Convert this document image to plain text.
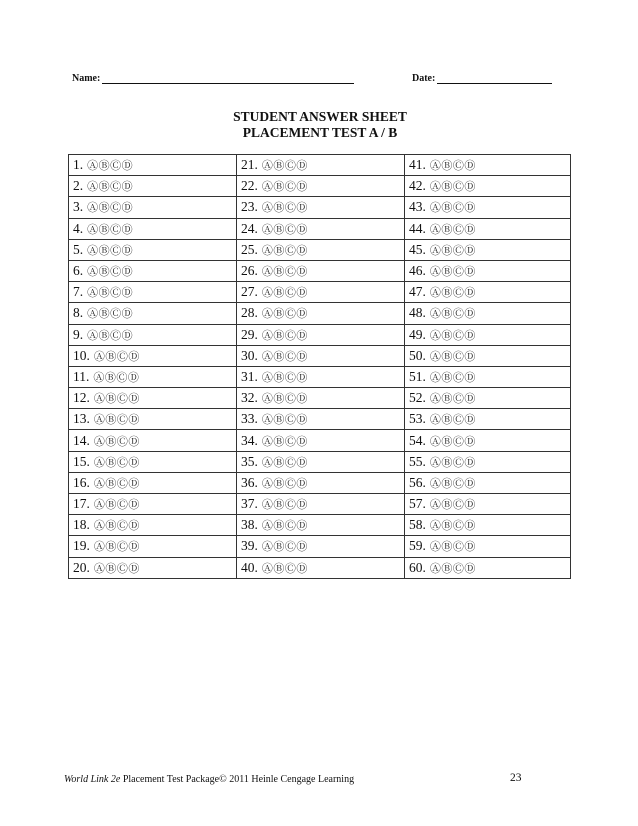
Name:	Date:
STUDENT ANSWER SHEET
PLACEMENT TEST A / B
1. ⒶⒷⒸⒹ	21. ⒶⒷⒸⒹ	41. ⒶⒷⒸⒹ
2. ⒶⒷⒸⒹ	22. ⒶⒷⒸⒹ	42. ⒶⒷⒸⒹ
3. ⒶⒷⒸⒹ	23. ⒶⒷⒸⒹ	43. ⒶⒷⒸⒹ
4. ⒶⒷⒸⒹ	24. ⒶⒷⒸⒹ	44. ⒶⒷⒸⒹ
5. ⒶⒷⒸⒹ	25. ⒶⒷⒸⒹ	45. ⒶⒷⒸⒹ
6. ⒶⒷⒸⒹ	26. ⒶⒷⒸⒹ	46. ⒶⒷⒸⒹ
7. ⒶⒷⒸⒹ	27. ⒶⒷⒸⒹ	47. ⒶⒷⒸⒹ
8. ⒶⒷⒸⒹ	28. ⒶⒷⒸⒹ	48. ⒶⒷⒸⒹ
9. ⒶⒷⒸⒹ	29. ⒶⒷⒸⒹ	49. ⒶⒷⒸⒹ
10. ⒶⒷⒸⒹ	30. ⒶⒷⒸⒹ	50. ⒶⒷⒸⒹ
11. ⒶⒷⒸⒹ	31. ⒶⒷⒸⒹ	51. ⒶⒷⒸⒹ
12. ⒶⒷⒸⒹ	32. ⒶⒷⒸⒹ	52. ⒶⒷⒸⒹ
13. ⒶⒷⒸⒹ	33. ⒶⒷⒸⒹ	53. ⒶⒷⒸⒹ
14. ⒶⒷⒸⒹ	34. ⒶⒷⒸⒹ	54. ⒶⒷⒸⒹ
15. ⒶⒷⒸⒹ	35. ⒶⒷⒸⒹ	55. ⒶⒷⒸⒹ
16. ⒶⒷⒸⒹ	36. ⒶⒷⒸⒹ	56. ⒶⒷⒸⒹ
17. ⒶⒷⒸⒹ	37. ⒶⒷⒸⒹ	57. ⒶⒷⒸⒹ
18. ⒶⒷⒸⒹ	38. ⒶⒷⒸⒹ	58. ⒶⒷⒸⒹ
19. ⒶⒷⒸⒹ	39. ⒶⒷⒸⒹ	59. ⒶⒷⒸⒹ
20. ⒶⒷⒸⒹ	40. ⒶⒷⒸⒹ	60. ⒶⒷⒸⒹ
World Link 2e Placement Test Package© 2011 Heinle Cengage Learning	23
